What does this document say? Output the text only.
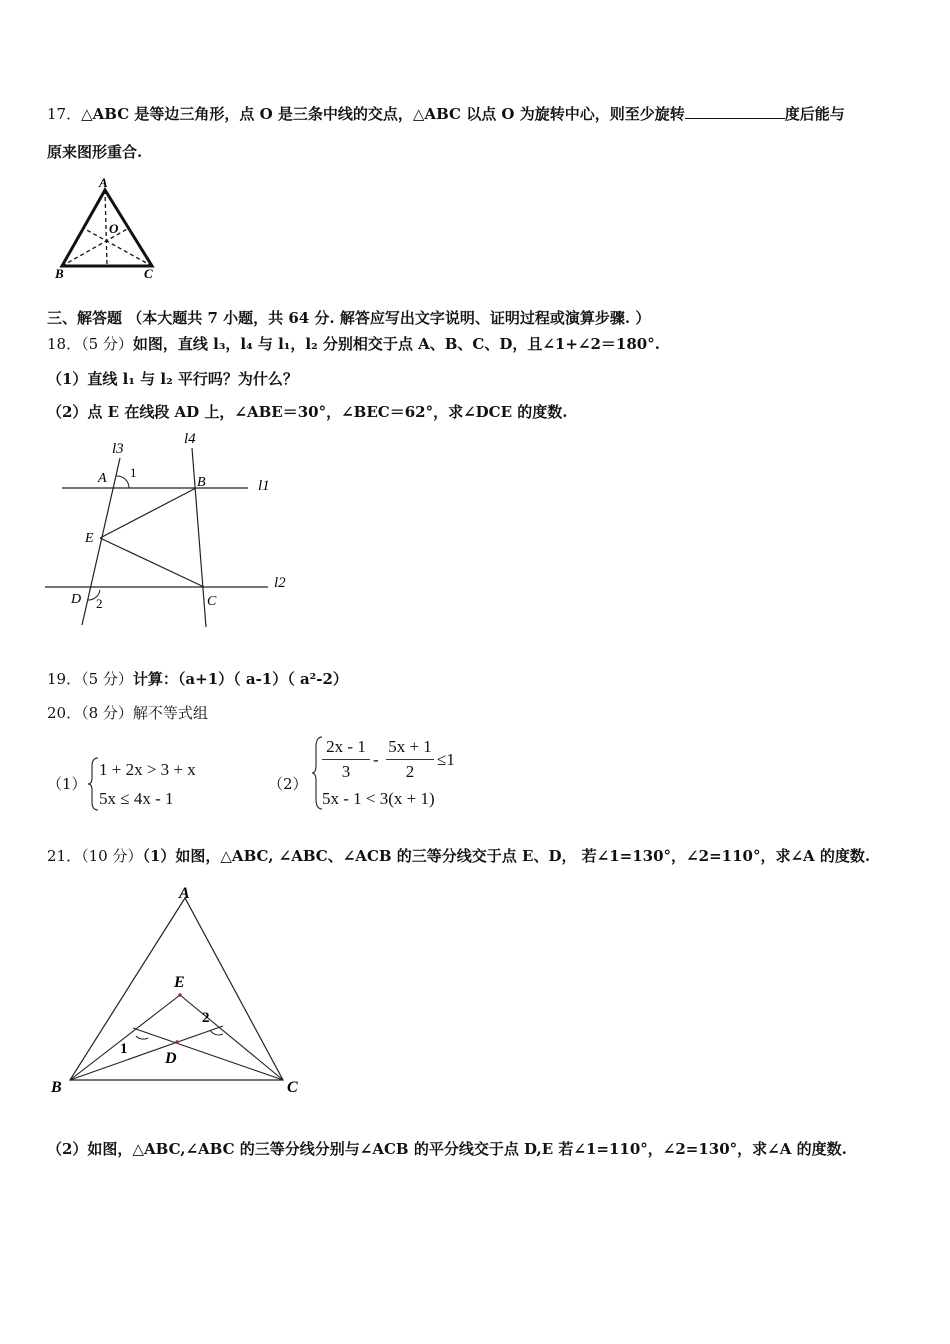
17．△ABC 是等边三角形，点 O 是三条中线的交点，△ABC 以点 O 为旋转中心，则至少旋转	度后能与
原来图形重合.
A
O
B	C
三、解答题 （本大题共 7 小题，共 64 分. 解答应写出文字说明、证明过程或演算步骤. ）
18．（5 分）如图，直线 l₃，l₄ 与 l₁，l₂ 分别相交于点 A、B、C、D，且∠1+∠2＝180°.
（1）直线 l₁ 与 l₂ 平行吗？为什么？
（2）点 E 在线段 AD 上，∠ABE＝30°，∠BEC＝62°，求∠DCE 的度数.
l3
l4
l1
l2
A 1
B
E
D 2	C
19．（5 分）计算：（a+1）（ a-1）（ a²-2）
20．（8 分）解不等式组
（1）
1 + 2x > 3 + x
5x ≤ 4x - 1
（2）
2x - 1
3
-
5x + 1
2
≤1
5x - 1 < 3(x + 1)
21．（10 分）（1）如图，△ABC, ∠ABC、∠ACB 的三等分线交于点 E、D， 若∠1=130°，∠2=110°，求∠A 的度数.
A
E
2
1
D
B	C
（2）如图，△ABC,∠ABC 的三等分线分别与∠ACB 的平分线交于点 D,E 若∠1=110°，∠2=130°，求∠A 的度数.
